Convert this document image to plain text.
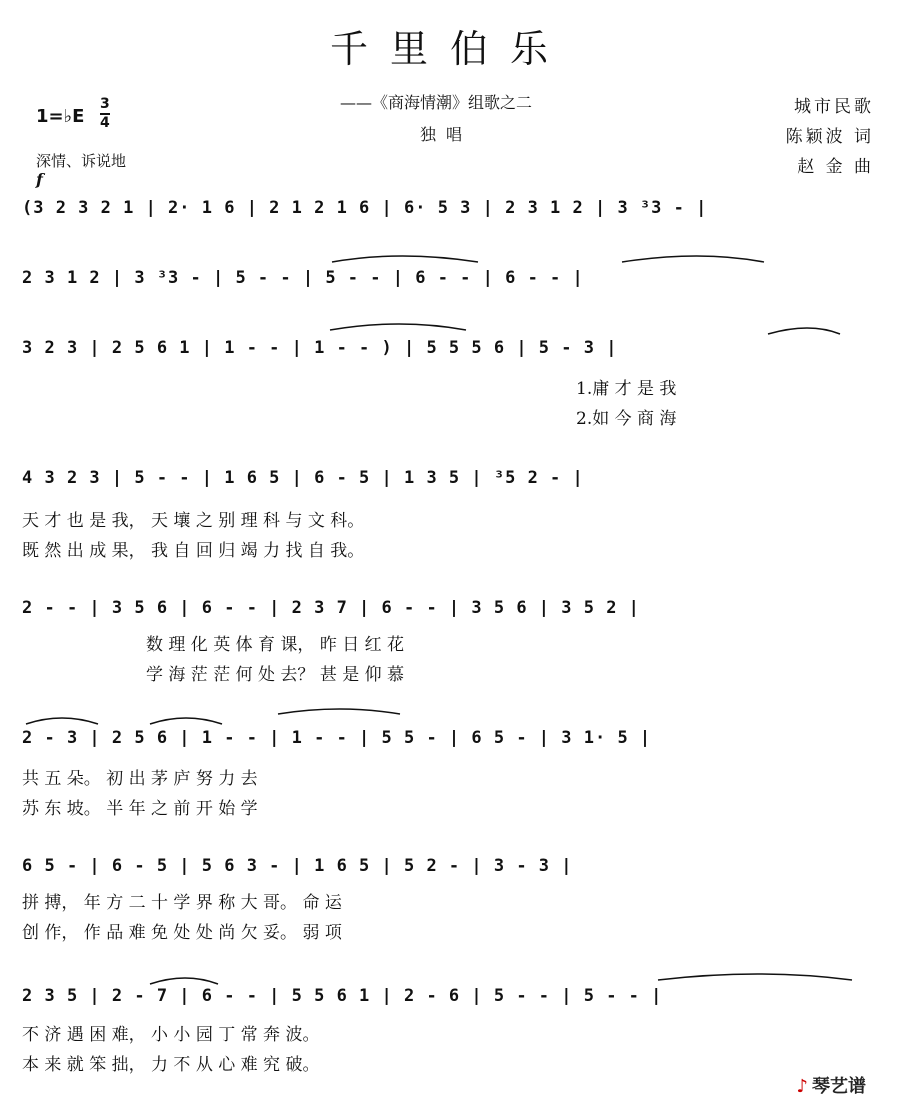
千里伯乐
——《商海情潮》组歌之二
独唱
1=♭E
3
4
深情、诉说地
f
城市民歌
陈颖波 词
赵 金 曲
(3 2 3 2 1 | 2· 1 6 | 2 1 2 1 6 | 6· 5 3 | 2 3 1 2 | 3 ³3 - |
2 3 1 2 | 3 ³3 - | 5 - - | 5 - - | 6 - - | 6 - - |
3 2 3 | 2 5 6 1 | 1 - - | 1 - - ) | 5 5 5 6 | 5 - 3 |
1.庸 才 是 我
2.如 今 商 海
4 3 2 3 | 5 - - | 1 6 5 | 6 - 5 | 1 3 5 | ³5 2 - |
天 才 也 是 我， 天 壤 之 别 理 科 与 文 科。
既 然 出 成 果， 我 自 回 归 竭 力 找 自 我。
2 - - | 3 5 6 | 6 - - | 2 3 7 | 6 - - | 3 5 6 | 3 5 2 |
数 理 化 英 体 育 课， 昨 日 红 花
学 海 茫 茫 何 处 去？ 甚 是 仰 慕
2 - 3 | 2 5 6 | 1 - - | 1 - - | 5 5 - | 6 5 - | 3 1· 5 |
共 五 朵。 初 出 茅 庐 努 力 去
苏 东 坡。 半 年 之 前 开 始 学
6 5 - | 6 - 5 | 5 6 3 - | 1 6 5 | 5 2 - | 3 - 3 |
拼 搏， 年 方 二 十 学 界 称 大 哥。 命 运
创 作， 作 品 难 免 处 处 尚 欠 妥。 弱 项
2 3 5 | 2 - 7 | 6 - - | 5 5 6 1 | 2 - 6 | 5 - - | 5 - - |
不 济 遇 困 难， 小 小 园 丁 常 奔 波。
本 来 就 笨 拙， 力 不 从 心 难 究 破。
♪ 琴艺谱
